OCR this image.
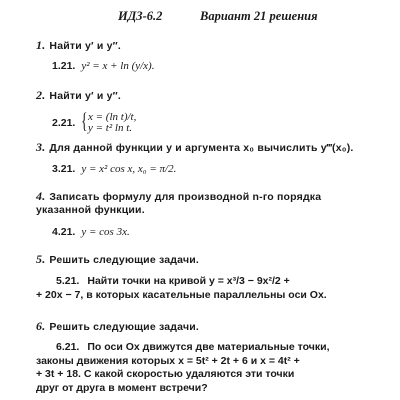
ИДЗ-6.2	Вариант 21 решения
1. Найти y′ и y″.
1.21. y² = x + ln (y/x).
2. Найти y′ и y″.
2.21. { x = (ln t)/t,
y = t² ln t.
3. Для данной функции y и аргумента x₀ вычислить y‴(x₀).
3.21. y = x² cos x, x₀ = π/2.
4. Записать формулу для производной n-го порядка
указанной функции.
4.21. y = cos 3x.
5. Решить следующие задачи.
5.21. Найти точки на кривой y = x³/3 − 9x²/2 +
+ 20x − 7, в которых касательные параллельны оси Ox.
6. Решить следующие задачи.
6.21. По оси Ox движутся две материальные точки,
законы движения которых x = 5t² + 2t + 6 и x = 4t² +
+ 3t + 18. С какой скоростью удаляются эти точки
друг от друга в момент встречи?
